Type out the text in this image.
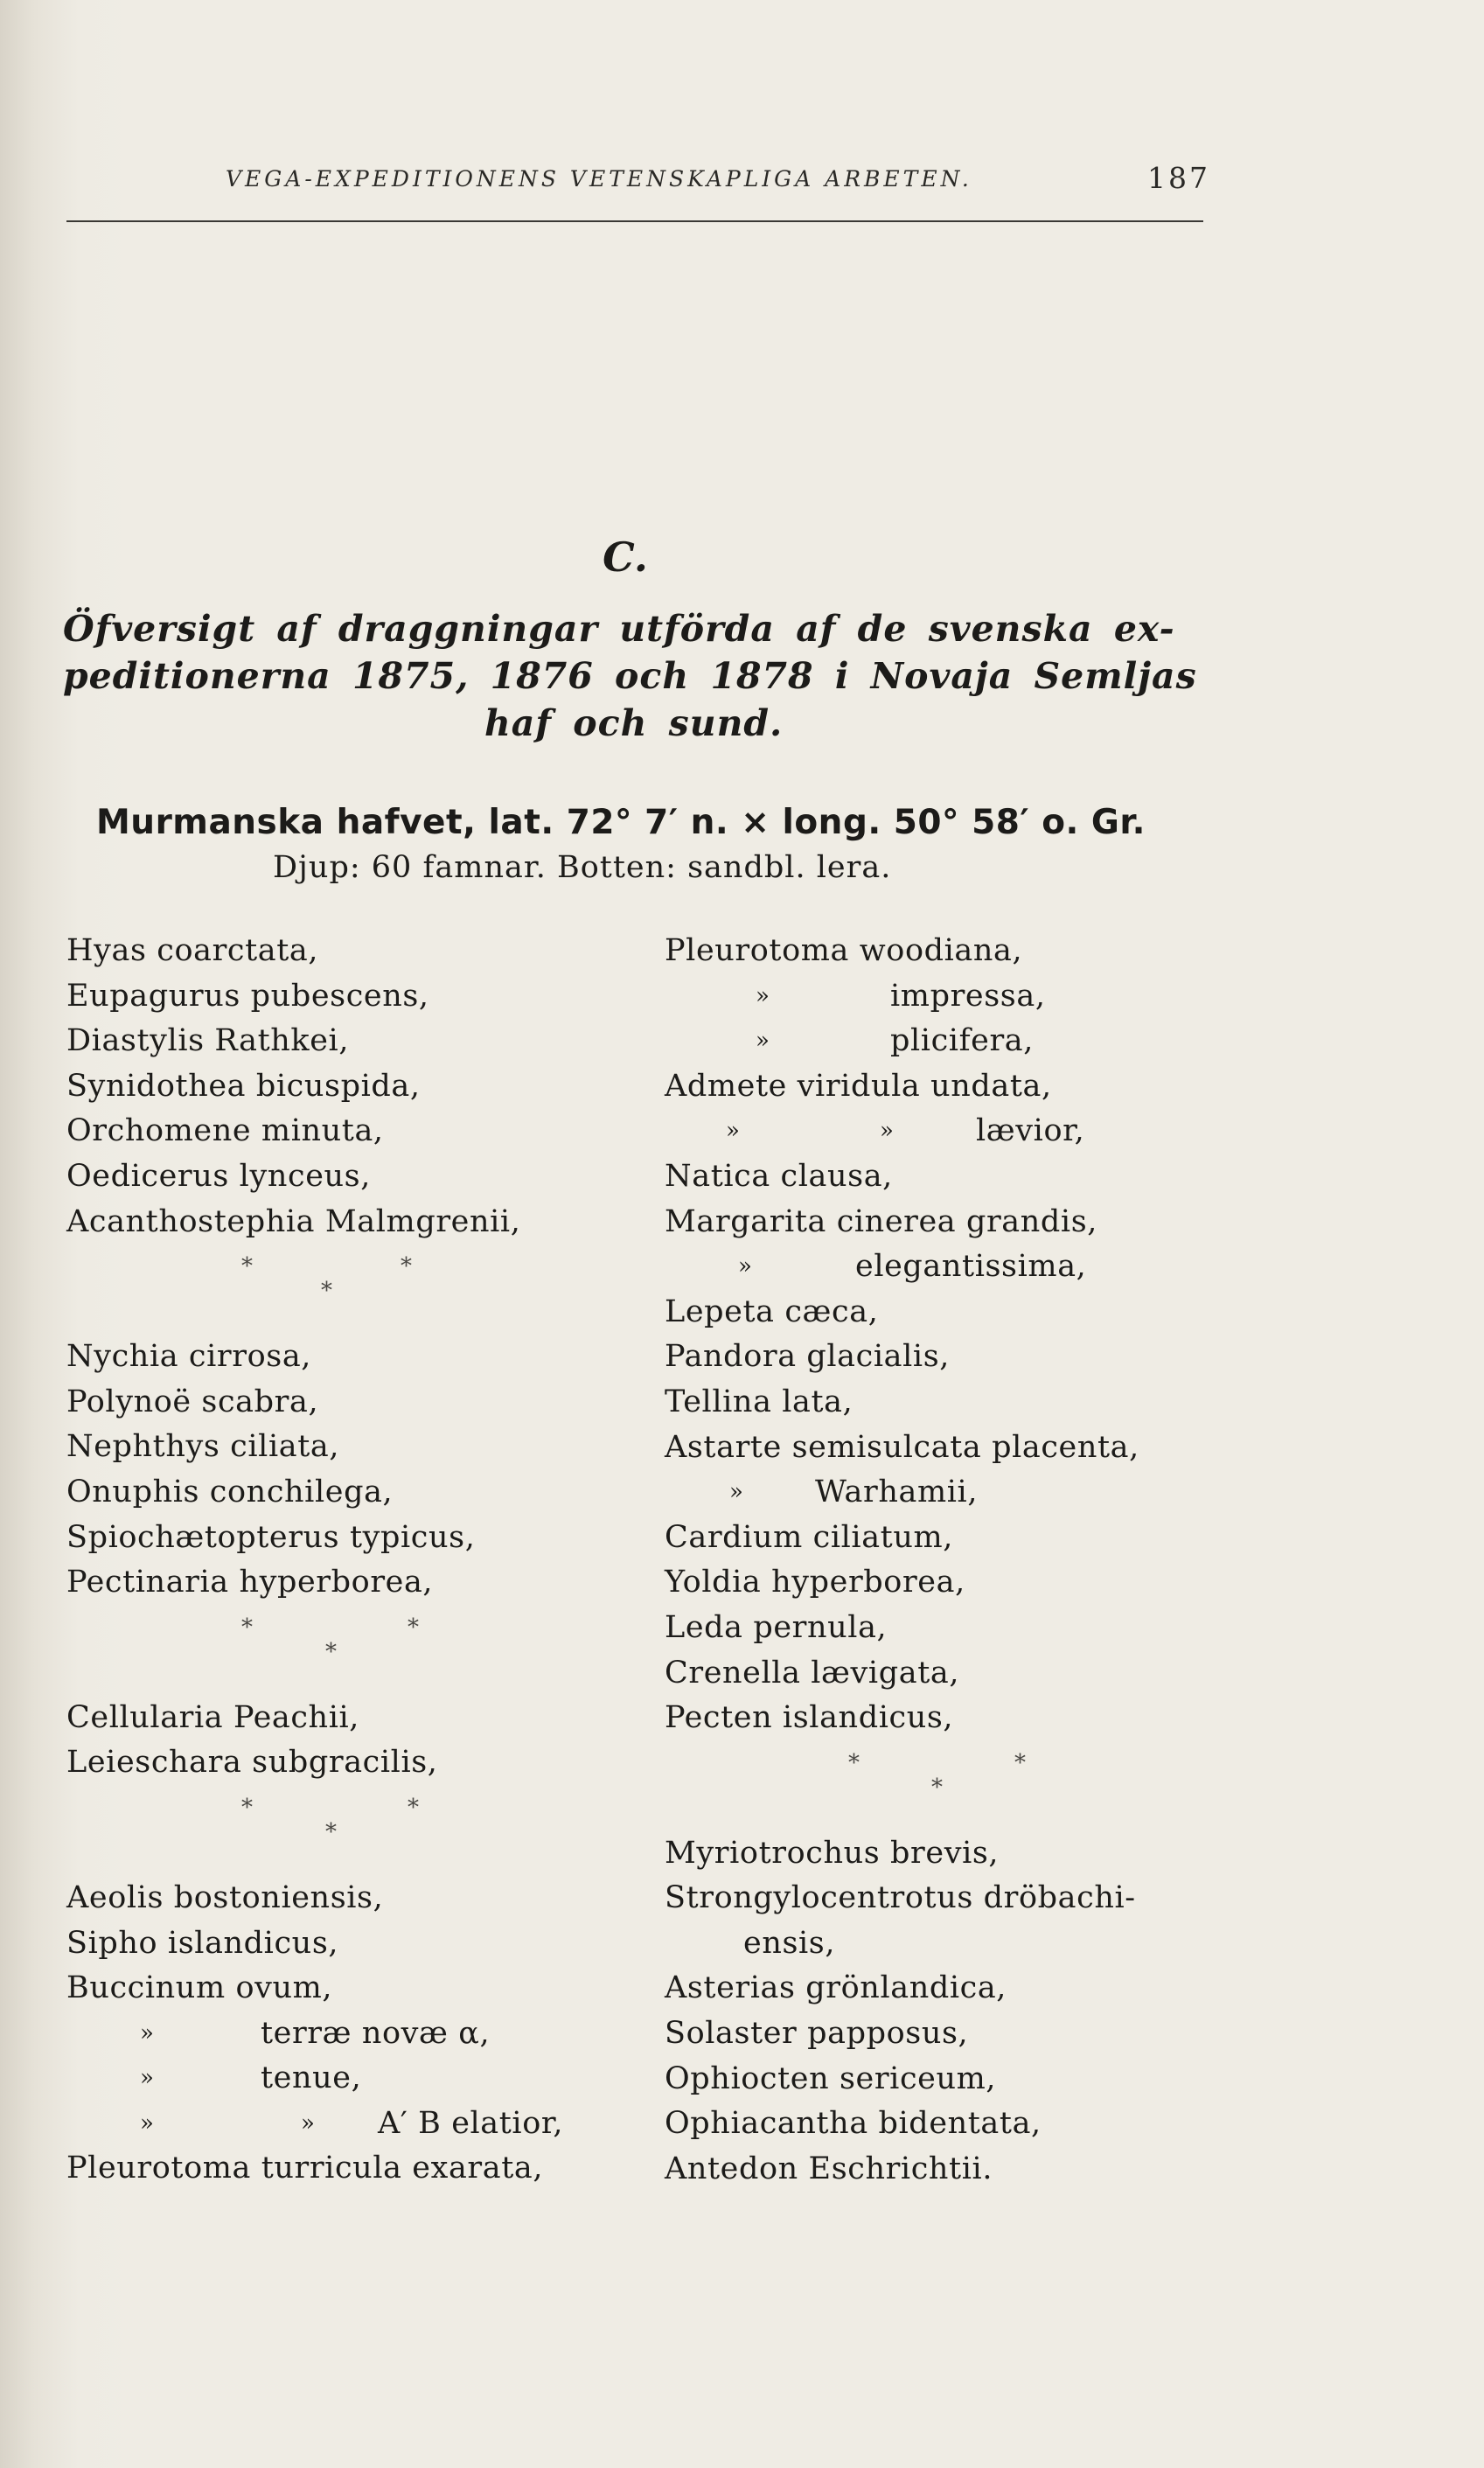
VEGA-EXPEDITIONENS VETENSKAPLIGA ARBETEN.	187
C.
Öfversigt af draggningar utförda af de svenska ex-
peditionerna 1875, 1876 och 1878 i Novaja Semljas
haf och sund.
Murmanska hafvet, lat. 72° 7′ n. × long. 50° 58′ o. Gr.
Djup: 60 famnar. Botten: sandbl. lera.
Hyas coarctata,
Eupagurus pubescens,
Diastylis Rathkei,
Synidothea bicuspida,
Orchomene minuta,
Oedicerus lynceus,
Acanthostephia Malmgrenii,
*	*
*
Nychia cirrosa,
Polynoë scabra,
Nephthys ciliata,
Onuphis conchilega,
Spiochætopterus typicus,
Pectinaria hyperborea,
*	*
*
Cellularia Peachii,
Leieschara subgracilis,
*	*
*
Aeolis bostoniensis,
Sipho islandicus,
Buccinum ovum,
»	terræ novæ α,
»	tenue,
»	» A′ B elatior,
Pleurotoma turricula exarata,
Pleurotoma woodiana,
»	impressa,
»	plicifera,
Admete viridula undata,
»	»	lævior,
Natica clausa,
Margarita cinerea grandis,
»	elegantissima,
Lepeta cæca,
Pandora glacialis,
Tellina lata,
Astarte semisulcata placenta,
» Warhamii,
Cardium ciliatum,
Yoldia hyperborea,
Leda pernula,
Crenella lævigata,
Pecten islandicus,
*	*
*
Myriotrochus brevis,
Strongylocentrotus dröbachi-
ensis,
Asterias grönlandica,
Solaster papposus,
Ophiocten sericeum,
Ophiacantha bidentata,
Antedon Eschrichtii.
